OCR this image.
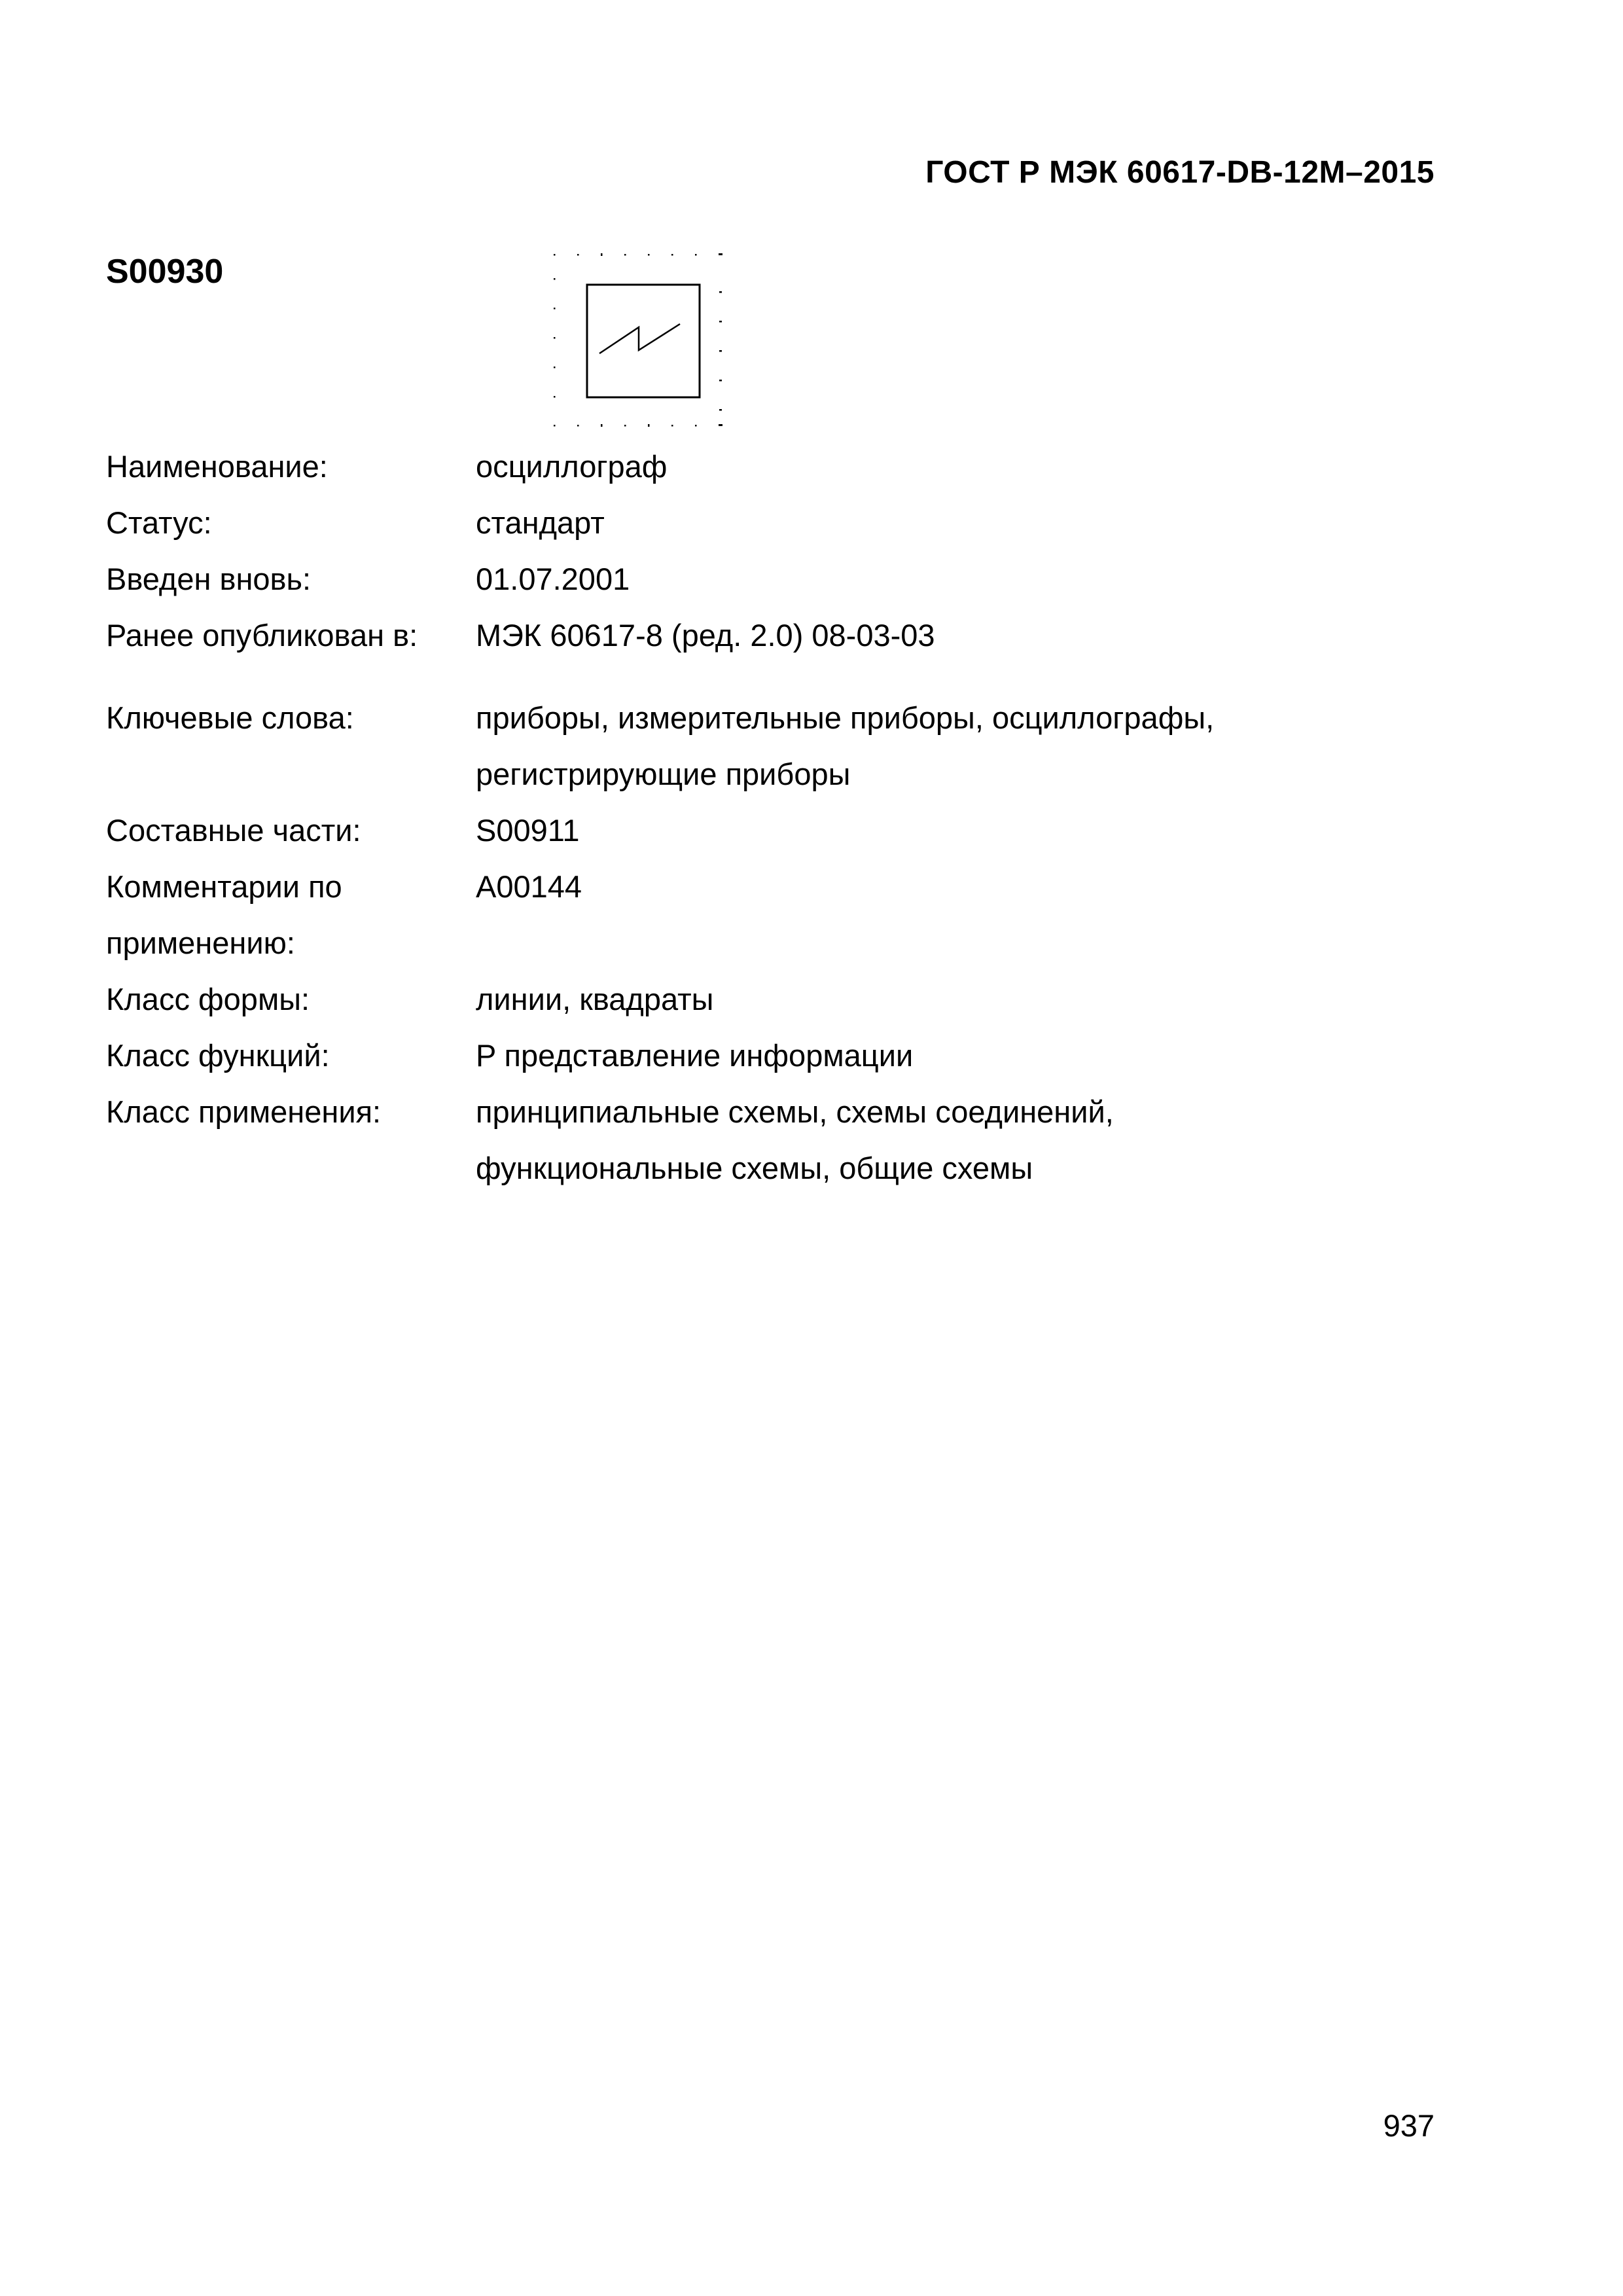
ГОСТ Р МЭК 60617-DB-12M–2015
S00930
Наименование:	осциллограф
Статус:	стандарт
Введен вновь:	01.07.2001
Ранее опубликован в:	МЭК 60617-8 (ред. 2.0) 08-03-03
Ключевые слова:	приборы, измерительные приборы, осциллографы,
регистрирующие приборы
Составные части:	S00911
Комментарии по применению:
A00144
Класс формы:	линии, квадраты
Класс функций:	P представление информации
Класс применения:	принципиальные схемы, схемы соединений,
функциональные схемы, общие схемы
937
